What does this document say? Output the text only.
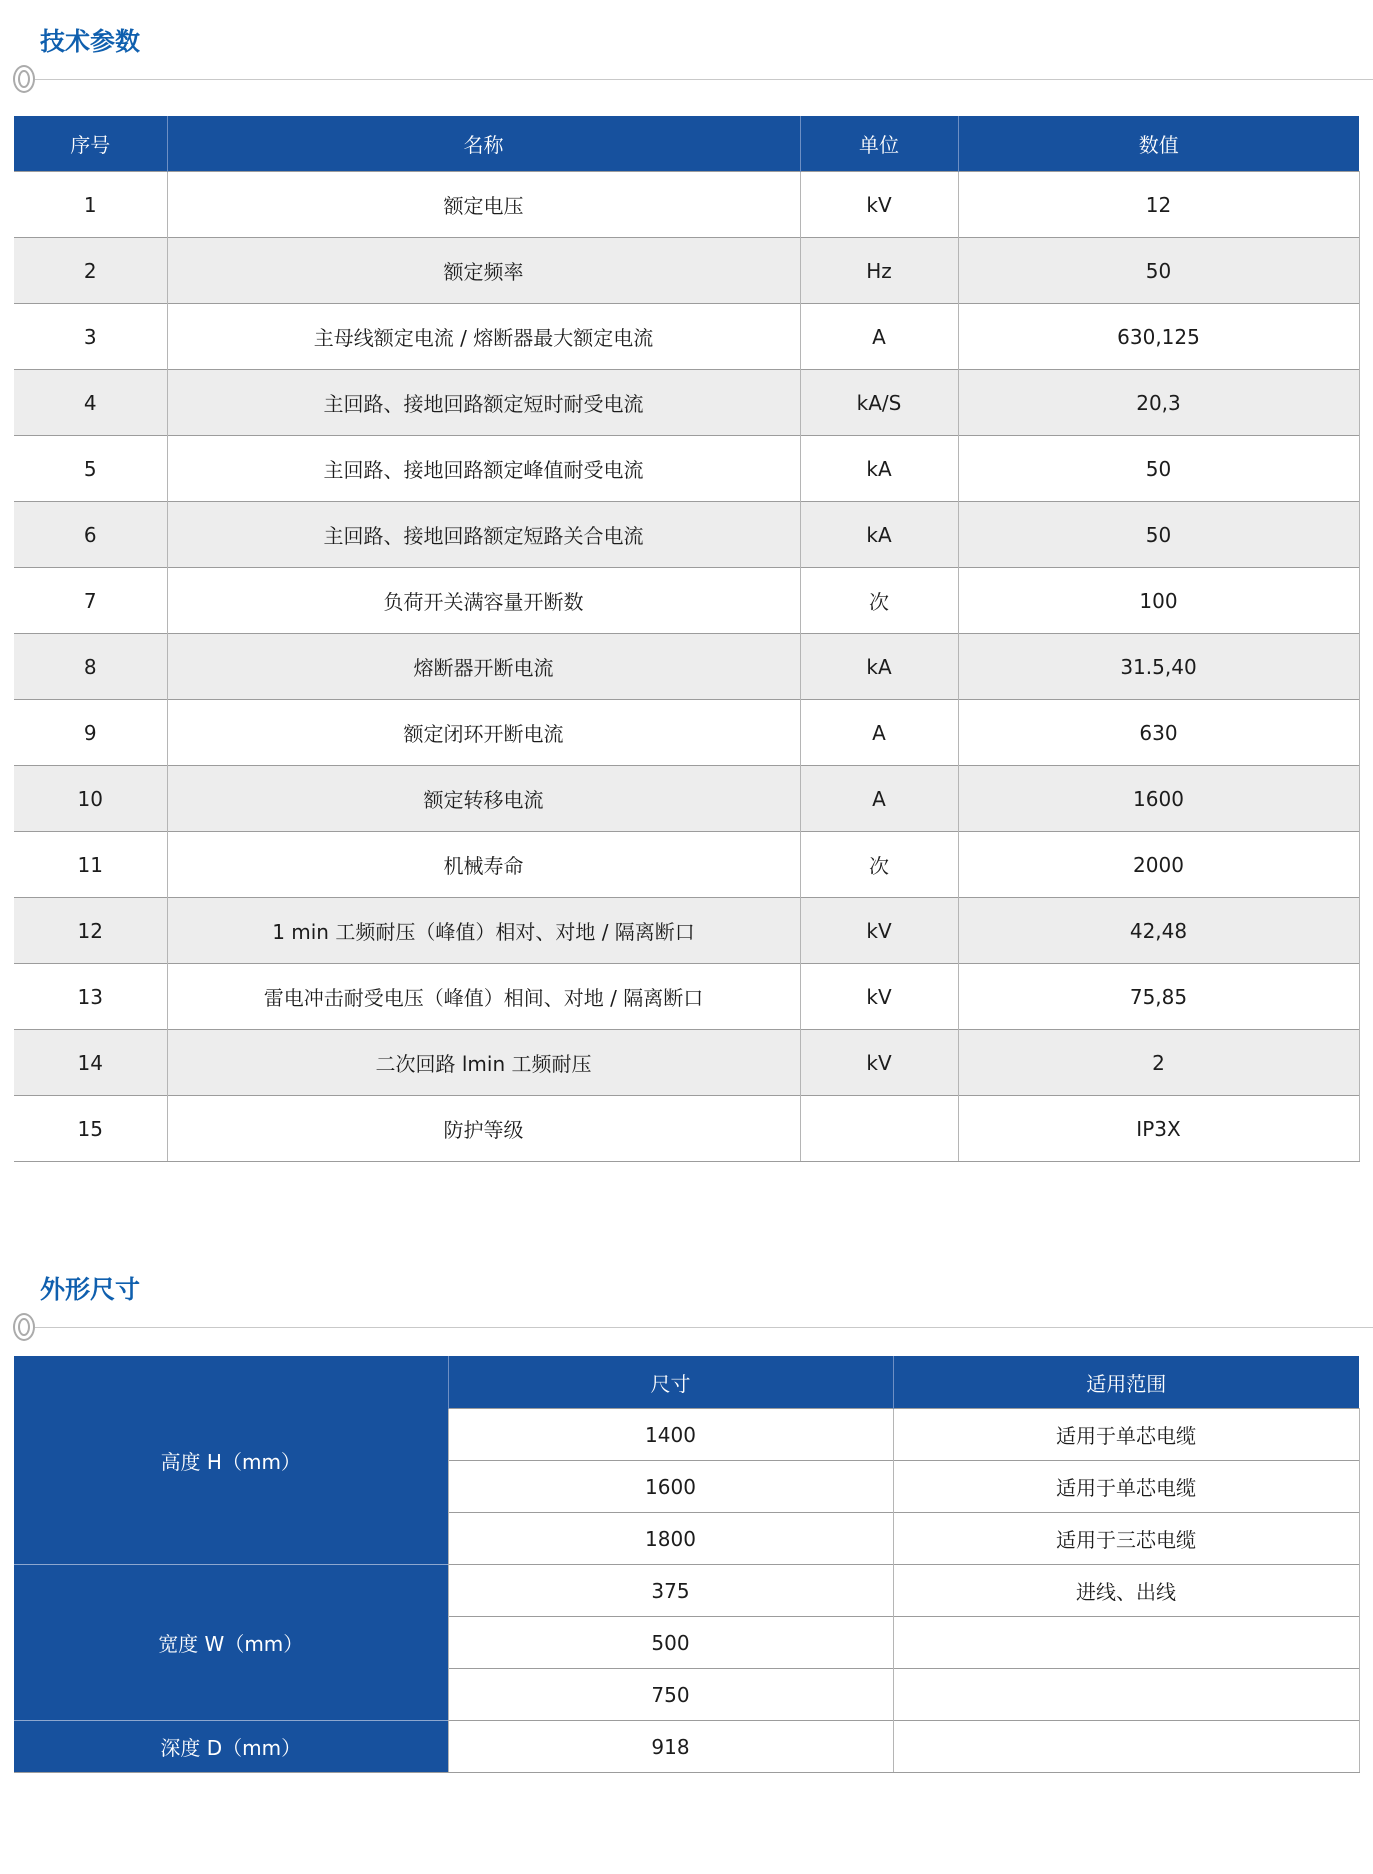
技术参数
序号	名称	单位	数值
1	额定电压	kV	12
2	额定频率	Hz	50
3	主母线额定电流 / 熔断器最大额定电流	A	630,125
4	主回路、接地回路额定短时耐受电流	kA/S	20,3
5	主回路、接地回路额定峰值耐受电流	kA	50
6	主回路、接地回路额定短路关合电流	kA	50
7	负荷开关满容量开断数	次	100
8	熔断器开断电流	kA	31.5,40
9	额定闭环开断电流	A	630
10	额定转移电流	A	1600
11	机械寿命	次	2000
12	1 min 工频耐压（峰值）相对、对地 / 隔离断口	kV	42,48
13	雷电冲击耐受电压（峰值）相间、对地 / 隔离断口	kV	75,85
14	二次回路 lmin 工频耐压	kV	2
15	防护等级		IP3X
外形尺寸
高度 H（mm）	尺寸	适用范围
	1400	适用于单芯电缆
	1600	适用于单芯电缆
	1800	适用于三芯电缆
宽度 W（mm）	375	进线、出线
	500	
	750	
深度 D（mm）	918	
